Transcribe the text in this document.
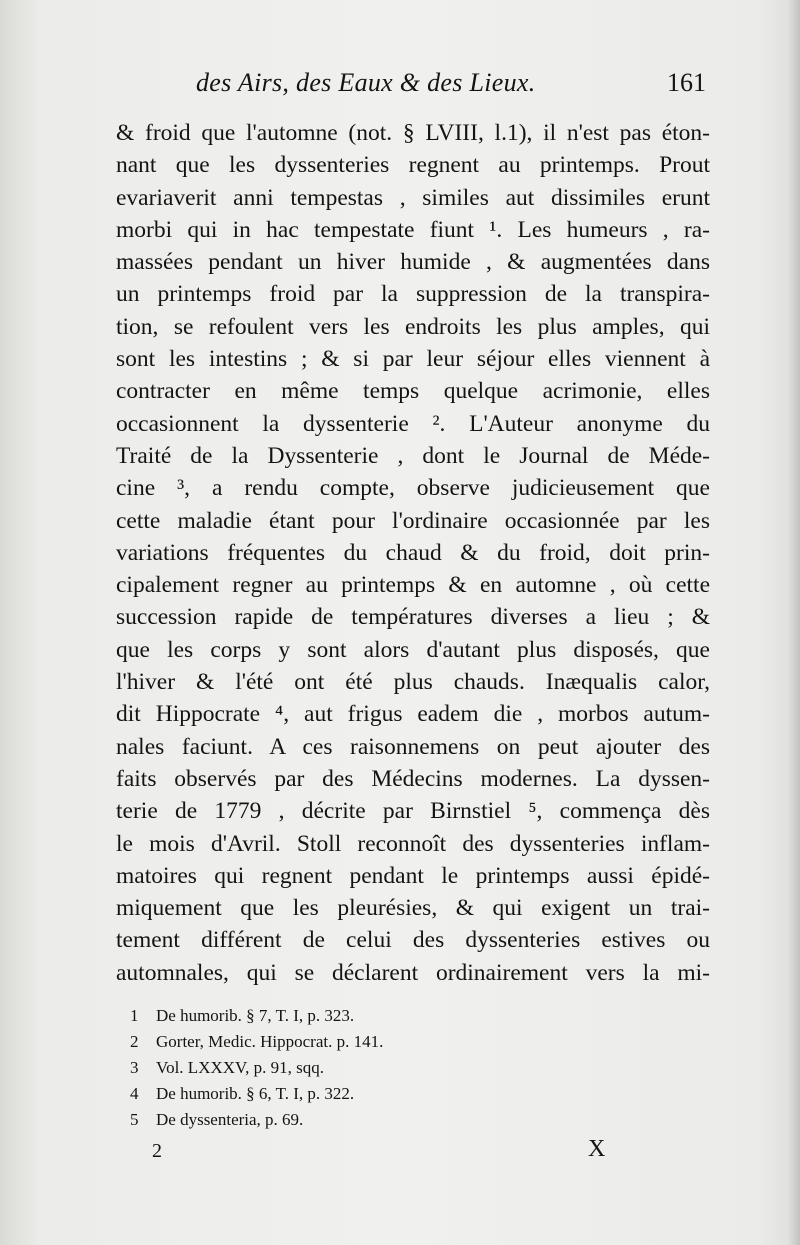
des Airs, des Eaux & des Lieux.	161
& froid que l'automne (not. § LVIII, l.1), il n'est pas éton-
nant que les dyssenteries regnent au printemps. Prout
evariaverit anni tempestas , similes aut dissimiles erunt
morbi qui in hac tempestate fiunt ¹. Les humeurs , ra-
massées pendant un hiver humide , & augmentées dans
un printemps froid par la suppression de la transpira-
tion, se refoulent vers les endroits les plus amples, qui
sont les intestins ; & si par leur séjour elles viennent à
contracter en même temps quelque acrimonie, elles
occasionnent la dyssenterie ². L'Auteur anonyme du
Traité de la Dyssenterie , dont le Journal de Méde-
cine ³, a rendu compte, observe judicieusement que
cette maladie étant pour l'ordinaire occasionnée par les
variations fréquentes du chaud & du froid, doit prin-
cipalement regner au printemps & en automne , où cette
succession rapide de températures diverses a lieu ; &
que les corps y sont alors d'autant plus disposés, que
l'hiver & l'été ont été plus chauds. Inæqualis calor,
dit Hippocrate ⁴, aut frigus eadem die , morbos autum-
nales faciunt. A ces raisonnemens on peut ajouter des
faits observés par des Médecins modernes. La dyssen-
terie de 1779 , décrite par Birnstiel ⁵, commença dès
le mois d'Avril. Stoll reconnoît des dyssenteries inflam-
matoires qui regnent pendant le printemps aussi épidé-
miquement que les pleurésies, & qui exigent un trai-
tement différent de celui des dyssenteries estives ou
automnales, qui se déclarent ordinairement vers la mi-
1 De humorib. § 7, T. I, p. 323.
2 Gorter, Medic. Hippocrat. p. 141.
3 Vol. LXXXV, p. 91, sqq.
4 De humorib. § 6, T. I, p. 322.
5 De dyssenteria, p. 69.
2	X
